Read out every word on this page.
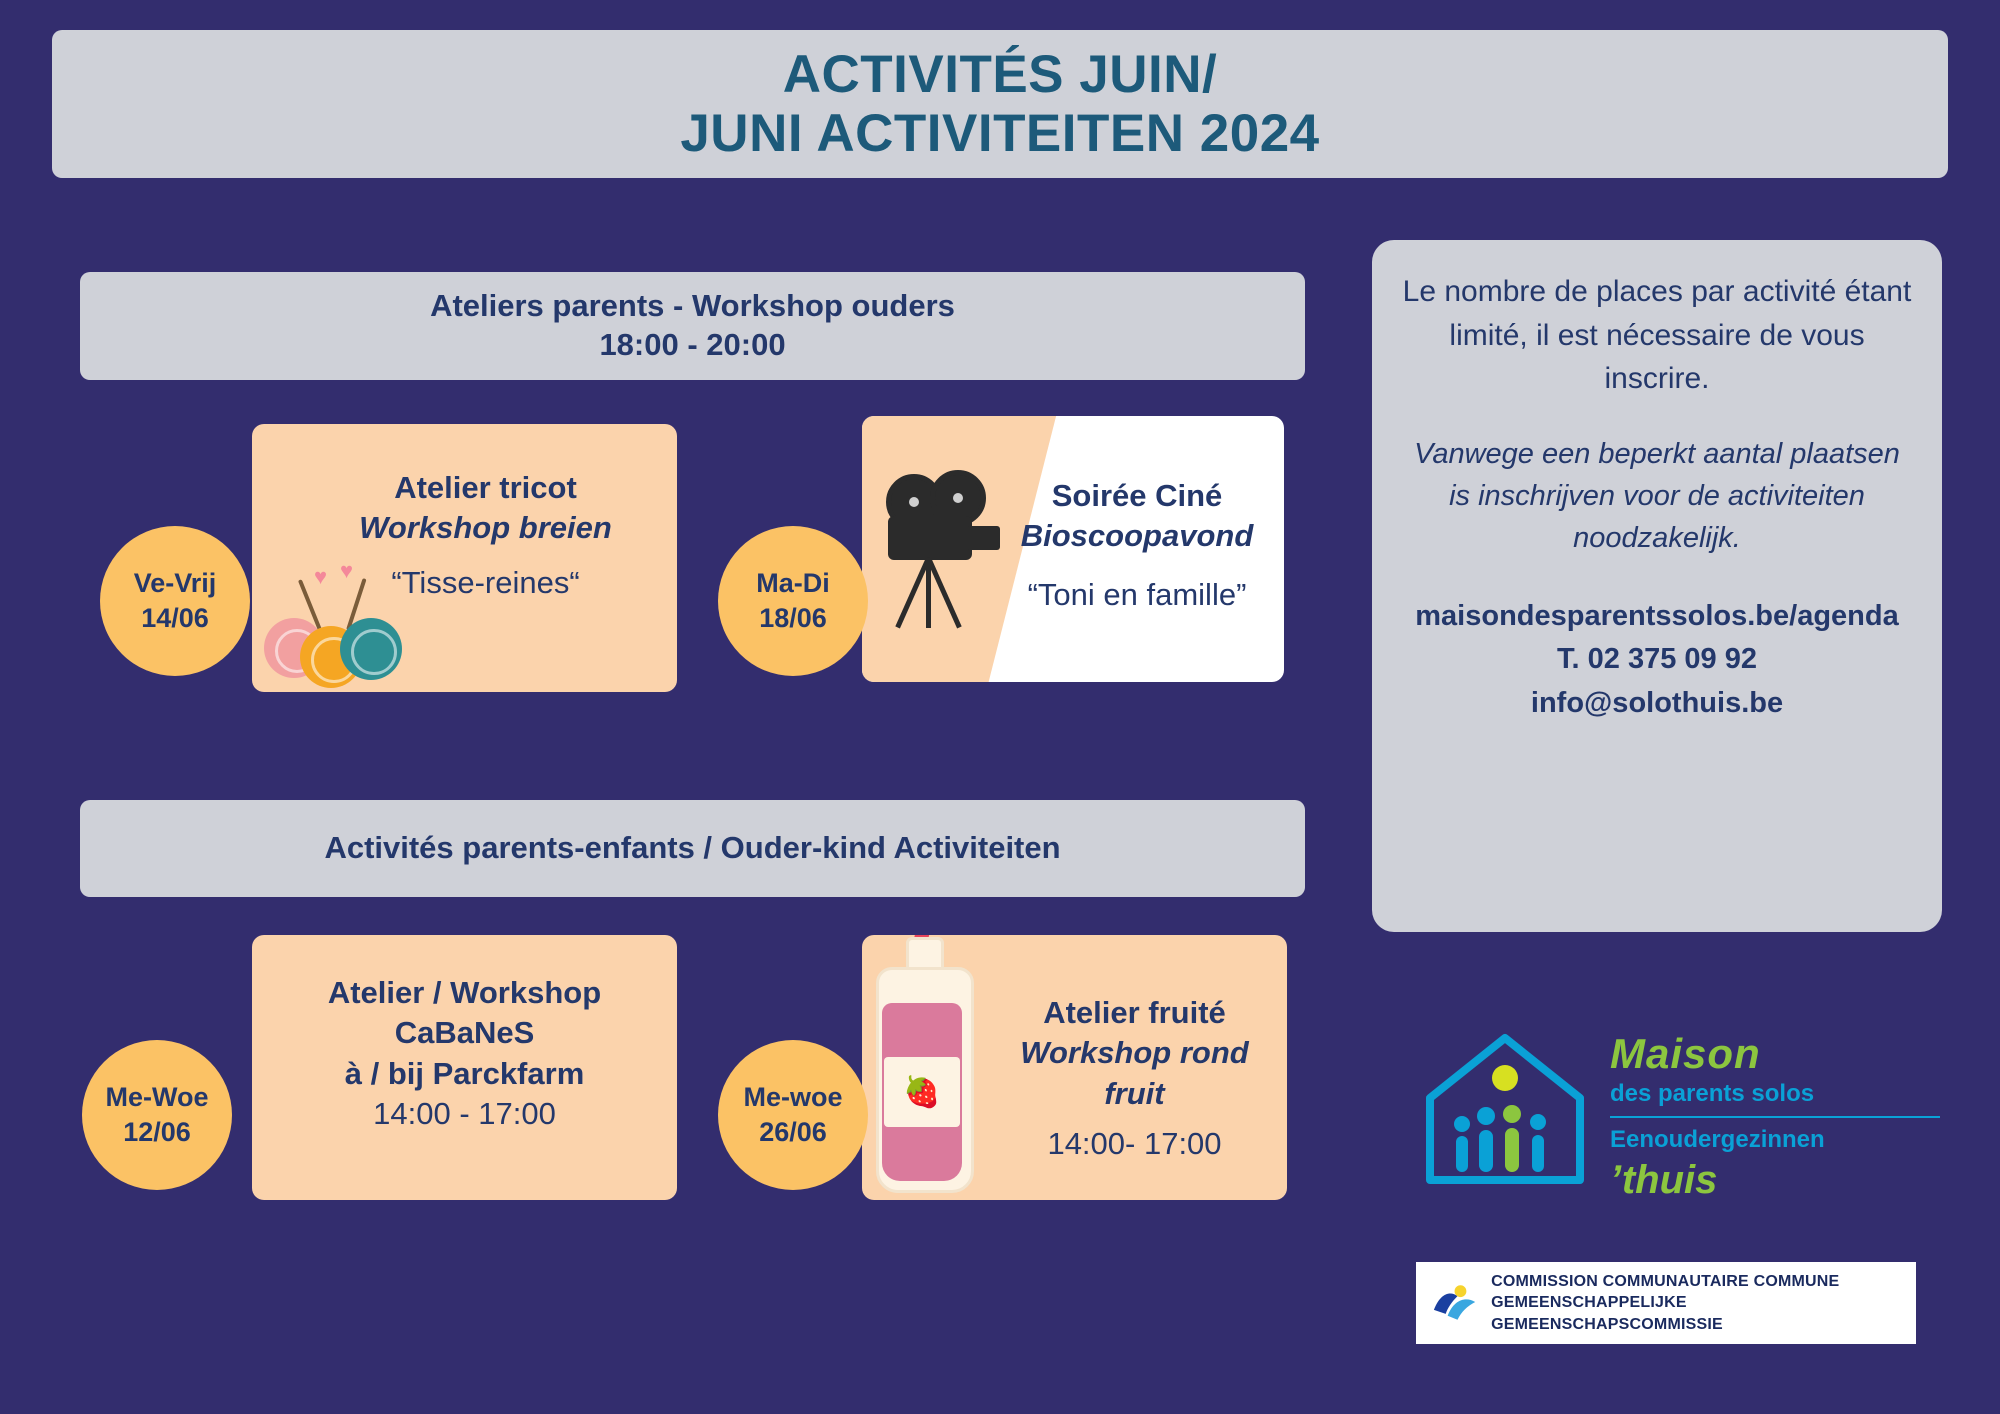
ACTIVITÉS JUIN/
JUNI ACTIVITEITEN 2024
Ateliers parents - Workshop ouders
18:00 - 20:00
Ve-Vrij
14/06
Atelier tricot
Workshop breien
“Tisse-reines“
♥ ♥	Ma-Di
18/06
Soirée Ciné
Bioscoopavond
“Toni en famille”
Activités parents-enfants / Ouder-kind Activiteiten
Me-Woe
12/06
Atelier / Workshop
CaBaNeS
à / bij Parckfarm
14:00 - 17:00	Me-woe
26/06
🍓
Atelier fruité
Workshop rond fruit
14:00- 17:00
Le nombre de places par activité étant limité, il est nécessaire de vous inscrire.
Vanwege een beperkt aantal plaatsen is inschrijven voor de activiteiten noodzakelijk.
maisondesparentssolos.be/agenda
T. 02 375 09 92
info@solothuis.be
Maison
des parents solos
Eenoudergezinnen
’thuis
COMMISSION COMMUNAUTAIRE COMMUNE
GEMEENSCHAPPELIJKE GEMEENSCHAPSCOMMISSIE
